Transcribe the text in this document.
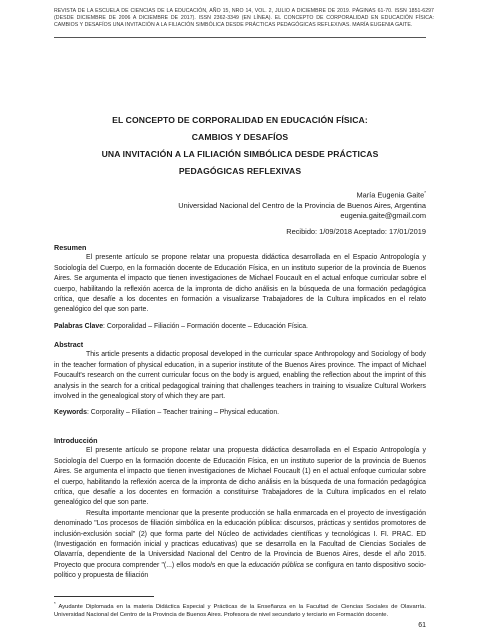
REVISTA DE LA ESCUELA DE CIENCIAS DE LA EDUCACIÓN, AÑO 15, NRO 14, VOL. 2, JULIO A DICIEMBRE DE 2019. PÁGINAS 61-70. ISSN 1851-6297 (DESDE DICIEMBRE DE 2006 A DICIEMBRE DE 2017). ISSN 2362-3349 (EN LÍNEA). EL CONCEPTO DE CORPORALIDAD EN EDUCACIÓN FÍSICA: CAMBIOS Y DESAFÍOS UNA INVITACIÓN A LA FILIACIÓN SIMBÓLICA DESDE PRÁCTICAS PEDAGÓGICAS REFLEXIVAS. MARÍA EUGENIA GAITE.
EL CONCEPTO DE CORPORALIDAD EN EDUCACIÓN FÍSICA:
CAMBIOS Y DESAFÍOS
UNA INVITACIÓN A LA FILIACIÓN SIMBÓLICA DESDE PRÁCTICAS
PEDAGÓGICAS REFLEXIVAS
María Eugenia Gaite*
Universidad Nacional del Centro de la Provincia de Buenos Aires, Argentina
eugenia.gaite@gmail.com
Recibido: 1/09/2018 Aceptado: 17/01/2019

Resumen

El presente artículo se propone relatar una propuesta didáctica desarrollada en el Espacio Antropología y Sociología del Cuerpo, en la formación docente de Educación Física, en un instituto superior de la provincia de Buenos Aires. Se argumenta el impacto que tienen investigaciones de Michael Foucault en el actual enfoque curricular sobre el cuerpo, habilitando la reflexión acerca de la impronta de dicho análisis en la búsqueda de una formación pedagógica crítica, que desafíe a los docentes en formación a visualizarse Trabajadores de la Cultura implicados en el relato genealógico del que son parte.

Palabras Clave: Corporalidad – Filiación – Formación docente – Educación Física.

Abstract

This article presents a didactic proposal developed in the curricular space Anthropology and Sociology of body in the teacher formation of physical education, in a superior institute of the Buenos Aires province. The impact of Michael Foucault's research on the current curricular focus on the body is argued, enabling the reflection about the imprint of this analysis in the search for a critical pedagogical training that challenges teachers in training to visualize Cultural Workers involved in the genealogical story of which they are part.

Keywords: Corporality – Filiation – Teacher training – Physical education.

Introducción

El presente artículo se propone relatar una propuesta didáctica desarrollada en el Espacio Antropología y Sociología del Cuerpo en la formación docente de Educación Física, en un instituto superior de la provincia de Buenos Aires. Se argumenta el impacto que tienen investigaciones de Michael Foucault (1) en el actual enfoque curricular sobre el cuerpo, habilitando la reflexión acerca de la impronta de dicho análisis en la búsqueda de una formación pedagógica crítica, que desafíe a los docentes en formación a constituirse Trabajadores de la Cultura implicados en el relato genealógico del que son parte.

Resulta importante mencionar que la presente producción se halla enmarcada en el proyecto de investigación denominado "Los procesos de filiación simbólica en la educación pública: discursos, prácticas y sentidos promotores de inclusión-exclusión social" (2) que forma parte del Núcleo de actividades científicas y tecnológicas I. FI. PRAC. ED (Investigación en formación inicial y practicas educativas) que se desarrolla en la Facultad de Ciencias Sociales de Olavarría, dependiente de la Universidad Nacional del Centro de la Provincia de Buenos Aires, desde el año 2015. Proyecto que procura comprender "(...) ellos modo/s en que la educación pública se configura en tanto dispositivo socio-político y propuesta de filiación

* Ayudante Diplomada en la materia Didáctica Especial y Prácticas de la Enseñanza en la Facultad de Ciencias Sociales de Olavarría. Universidad Nacional del Centro de la Provincia de Buenos Aires. Profesora de nivel secundario y terciario en Formación docente.
61
